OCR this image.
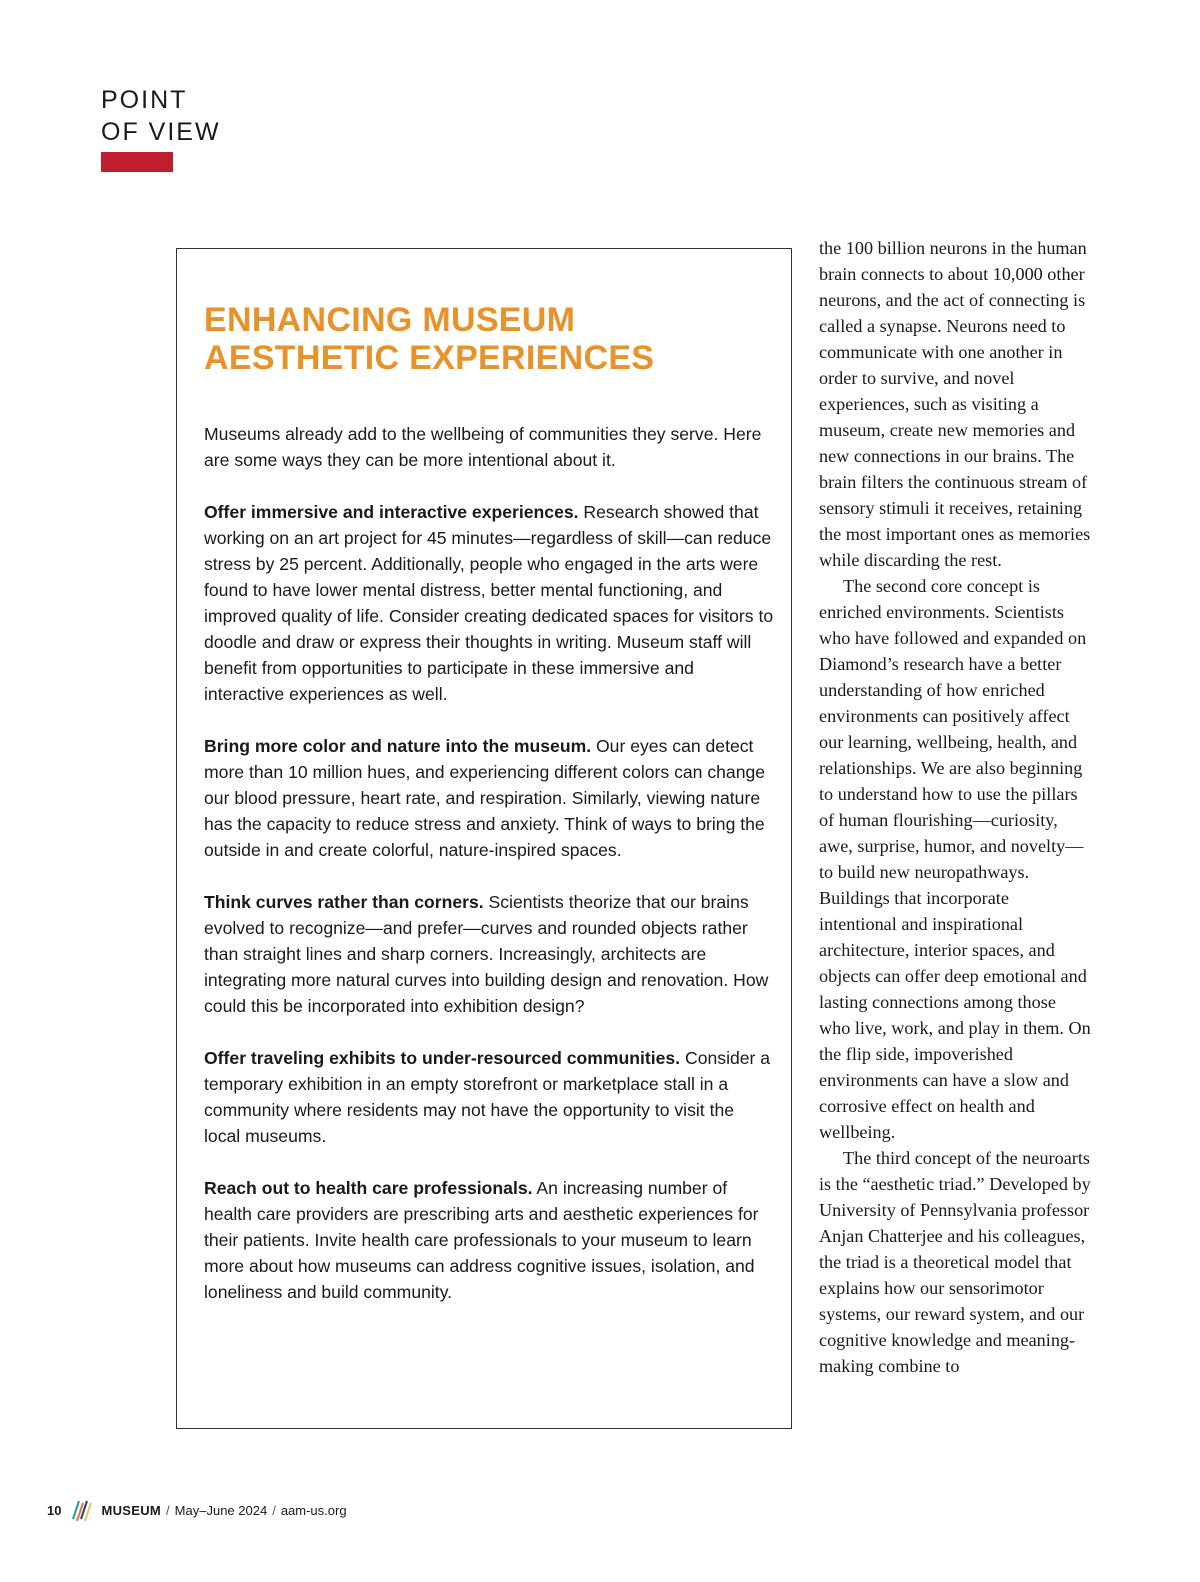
POINT
OF VIEW
ENHANCING MUSEUM
AESTHETIC EXPERIENCES

Museums already add to the wellbeing of communities they serve. Here are some ways they can be more intentional about it.

Offer immersive and interactive experiences. Research showed that working on an art project for 45 minutes—regardless of skill—can reduce stress by 25 percent. Additionally, people who engaged in the arts were found to have lower mental distress, better mental functioning, and improved quality of life. Consider creating dedicated spaces for visitors to doodle and draw or express their thoughts in writing. Museum staff will benefit from opportunities to participate in these immersive and interactive experiences as well.

Bring more color and nature into the museum. Our eyes can detect more than 10 million hues, and experiencing different colors can change our blood pressure, heart rate, and respiration. Similarly, viewing nature has the capacity to reduce stress and anxiety. Think of ways to bring the outside in and create colorful, nature-inspired spaces.

Think curves rather than corners. Scientists theorize that our brains evolved to recognize—and prefer—curves and rounded objects rather than straight lines and sharp corners. Increasingly, architects are integrating more natural curves into building design and renovation. How could this be incorporated into exhibition design?

Offer traveling exhibits to under-resourced communities. Consider a temporary exhibition in an empty storefront or marketplace stall in a community where residents may not have the opportunity to visit the local museums.

Reach out to health care professionals. An increasing number of health care providers are prescribing arts and aesthetic experiences for their patients. Invite health care professionals to your museum to learn more about how museums can address cognitive issues, isolation, and loneliness and build community.

the 100 billion neurons in the human brain connects to about 10,000 other neurons, and the act of connecting is called a synapse. Neurons need to communicate with one another in order to survive, and novel experiences, such as visiting a museum, create new memories and new connections in our brains. The brain filters the continuous stream of sensory stimuli it receives, retaining the most important ones as memories while discarding the rest.

The second core concept is enriched environments. Scientists who have followed and expanded on Diamond’s research have a better understanding of how enriched environments can positively affect our learning, wellbeing, health, and relationships. We are also beginning to understand how to use the pillars of human flourishing—curiosity, awe, surprise, humor, and novelty—to build new neuropathways. Buildings that incorporate intentional and inspirational architecture, interior spaces, and objects can offer deep emotional and lasting connections among those who live, work, and play in them. On the flip side, impoverished environments can have a slow and corrosive effect on health and wellbeing.

The third concept of the neuroarts is the “aesthetic triad.” Developed by University of Pennsylvania professor Anjan Chatterjee and his colleagues, the triad is a theoretical model that explains how our sensorimotor systems, our reward system, and our cognitive knowledge and meaning-making combine to

10	MUSEUM / May–June 2024 / aam-us.org
